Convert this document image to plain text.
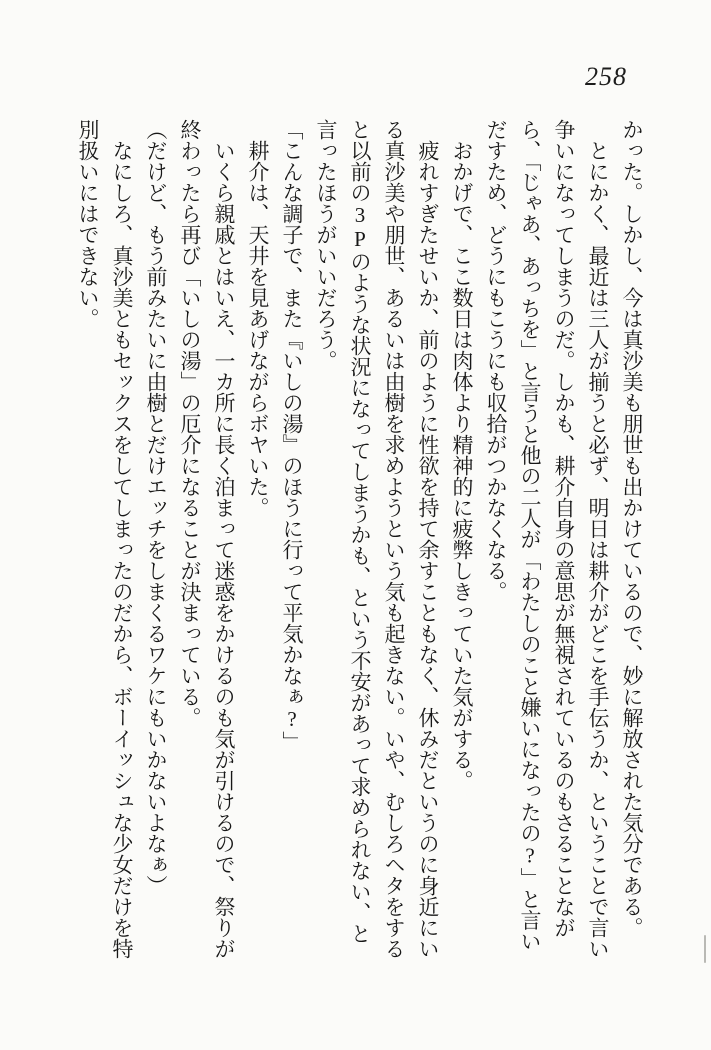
258

かった。しかし、今は真沙美も朋世も出かけているので、妙に解放された気分である。

とにかく、最近は三人が揃うと必ず、明日は耕介がどこを手伝うか、ということで言い争いになってしまうのだ。しかも、耕介自身の意思が無視されているのもさることながら、「じゃあ、あっちを」と言うと他の二人が「わたしのこと嫌いになったの?」と言いだすため、どうにもこうにも収拾がつかなくなる。

おかげで、ここ数日は肉体より精神的に疲弊しきっていた気がする。

疲れすぎたせいか、前のように性欲を持て余すこともなく、休みだというのに身近にいる真沙美や朋世、あるいは由樹を求めようという気も起きない。いや、むしろヘタをすると以前の3Pのような状況になってしまうかも、という不安があって求められない、と言ったほうがいいだろう。

「こんな調子で、また『いしの湯』のほうに行って平気かなぁ?」

耕介は、天井を見あげながらボヤいた。

いくら親戚とはいえ、一カ所に長く泊まって迷惑をかけるのも気が引けるので、祭りが終わったら再び「いしの湯」の厄介になることが決まっている。

（だけど、もう前みたいに由樹とだけエッチをしまくるワケにもいかないよなぁ）

なにしろ、真沙美ともセックスをしてしまったのだから、ボーイッシュな少女だけを特別扱いにはできない。
